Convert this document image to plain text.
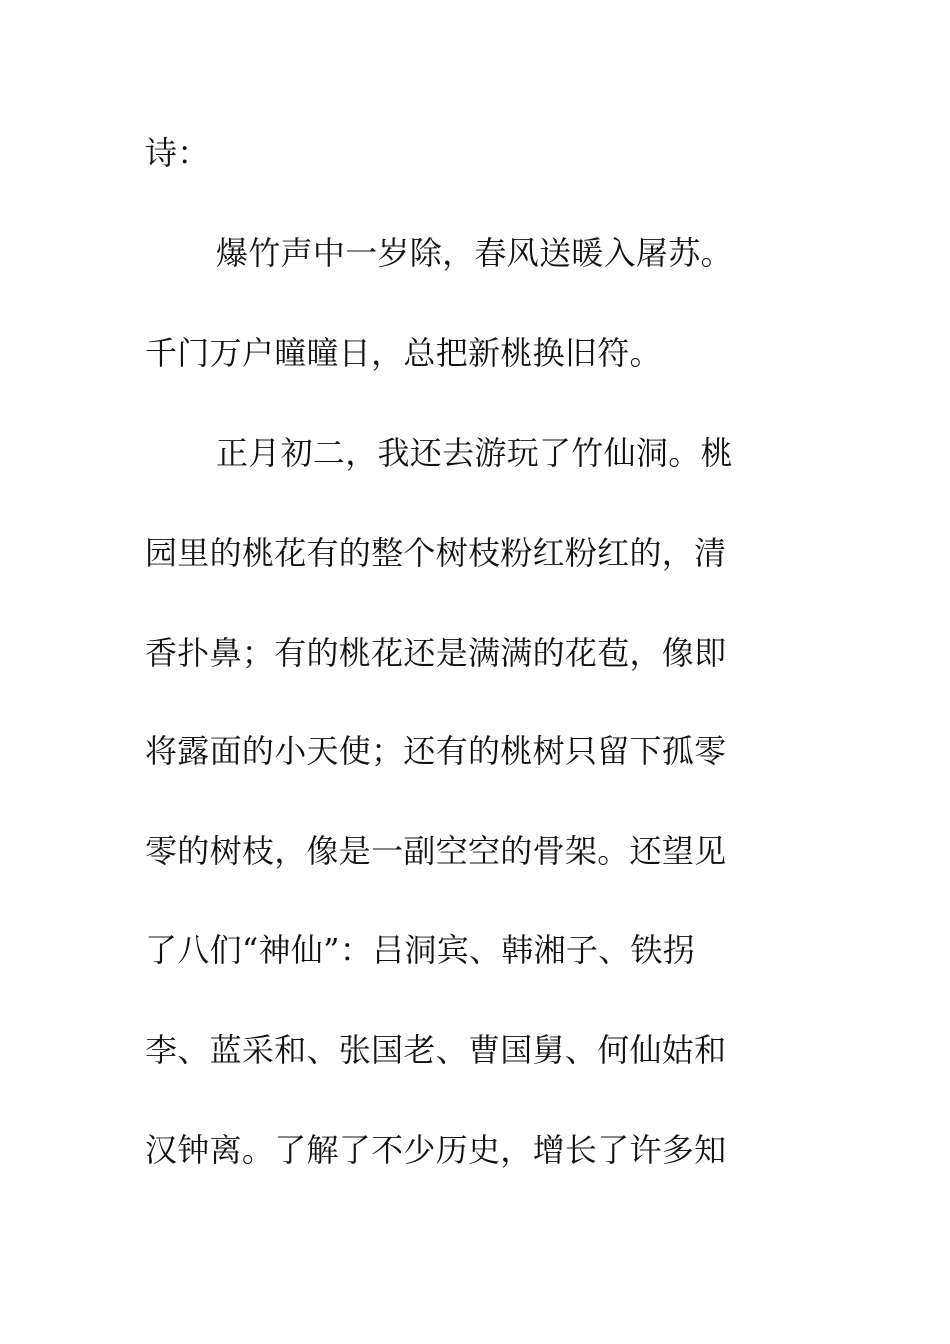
诗：
爆竹声中一岁除，春风送暖入屠苏。
千门万户曈曈日，总把新桃换旧符。
正月初二，我还去游玩了竹仙洞。桃
园里的桃花有的整个树枝粉红粉红的，清
香扑鼻；有的桃花还是满满的花苞，像即
将露面的小天使；还有的桃树只留下孤零
零的树枝，像是一副空空的骨架。还望见
了八们“神仙”：吕洞宾、韩湘子、铁拐
李、蓝采和、张国老、曹国舅、何仙姑和
汉钟离。了解了不少历史，增长了许多知
